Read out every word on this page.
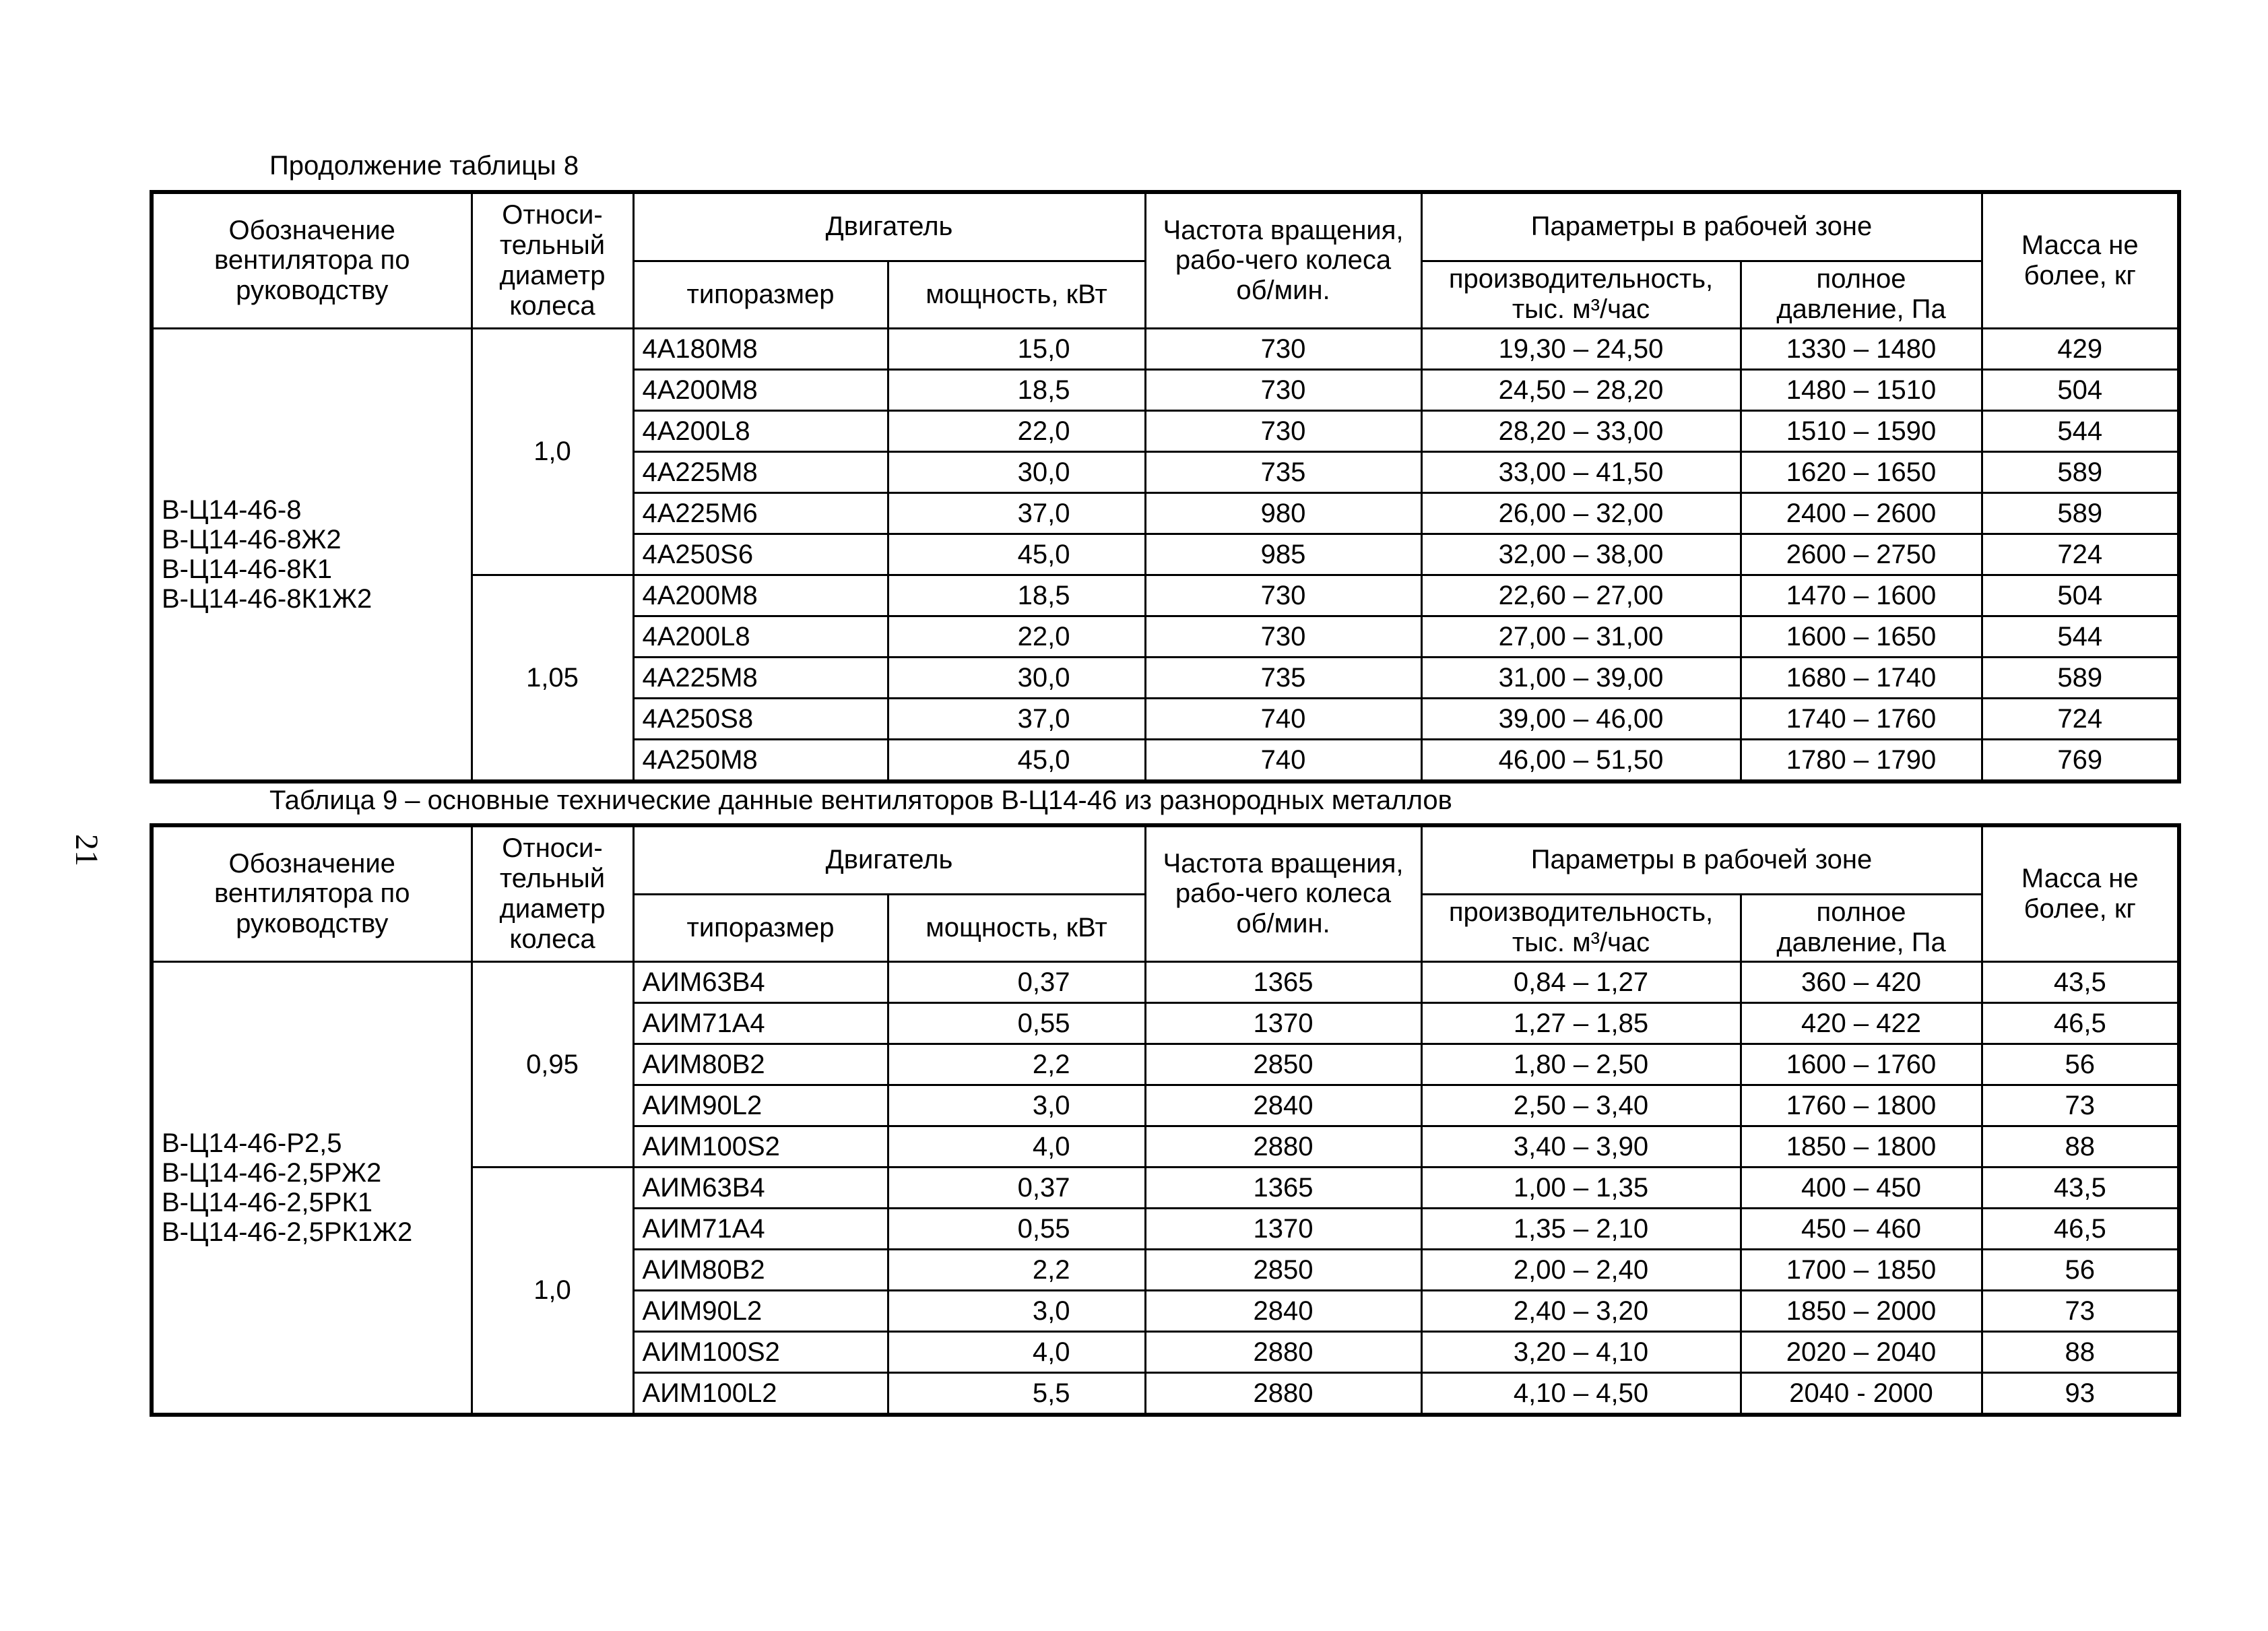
Продолжение таблицы 8
Таблица 9 – основные технические данные вентиляторов В-Ц14-46 из разнородных металлов
21
Обозначение вентилятора по руководству	Относи-тельный диаметр колеса	Двигатель		Частота вращения, рабо-чего колеса об/мин.	Параметры в рабочей зоне		Масса не более, кг
		типоразмер	мощность, кВт		производительность, тыс. м³/час	полное давление, Па	

В-Ц14-46-8
В-Ц14-46-8Ж2
В-Ц14-46-8К1
В-Ц14-46-8К1Ж2	1,0	4А180М8	15,0	730	19,30 – 24,50	1330 – 1480	429
		4А200М8	18,5	730	24,50 – 28,20	1480 – 1510	504
		4А200L8	22,0	730	28,20 – 33,00	1510 – 1590	544
		4А225М8	30,0	735	33,00 – 41,50	1620 – 1650	589
		4А225М6	37,0	980	26,00 – 32,00	2400 – 2600	589
		4А250S6	45,0	985	32,00 – 38,00	2600 – 2750	724
	1,05	4А200М8	18,5	730	22,60 – 27,00	1470 – 1600	504
		4А200L8	22,0	730	27,00 – 31,00	1600 – 1650	544
		4А225М8	30,0	735	31,00 – 39,00	1680 – 1740	589
		4А250S8	37,0	740	39,00 – 46,00	1740 – 1760	724
		4А250М8	45,0	740	46,00 – 51,50	1780 – 1790	769
Обозначение вентилятора по руководству	Относи-тельный диаметр колеса	Двигатель		Частота вращения, рабо-чего колеса об/мин.	Параметры в рабочей зоне		Масса не более, кг
		типоразмер	мощность, кВт		производительность, тыс. м³/час	полное давление, Па	

В-Ц14-46-Р2,5
В-Ц14-46-2,5РЖ2
В-Ц14-46-2,5РК1
В-Ц14-46-2,5РК1Ж2	0,95	АИМ63В4	0,37	1365	0,84 – 1,27	360 – 420	43,5
		АИМ71А4	0,55	1370	1,27 – 1,85	420 – 422	46,5
		АИМ80В2	2,2	2850	1,80 – 2,50	1600 – 1760	56
		АИМ90L2	3,0	2840	2,50 – 3,40	1760 – 1800	73
		АИМ100S2	4,0	2880	3,40 – 3,90	1850 – 1800	88
	1,0	АИМ63В4	0,37	1365	1,00 – 1,35	400 – 450	43,5
		АИМ71А4	0,55	1370	1,35 – 2,10	450 – 460	46,5
		АИМ80В2	2,2	2850	2,00 – 2,40	1700 – 1850	56
		АИМ90L2	3,0	2840	2,40 – 3,20	1850 – 2000	73
		АИМ100S2	4,0	2880	3,20 – 4,10	2020 – 2040	88
		АИМ100L2	5,5	2880	4,10 – 4,50	2040 - 2000	93
